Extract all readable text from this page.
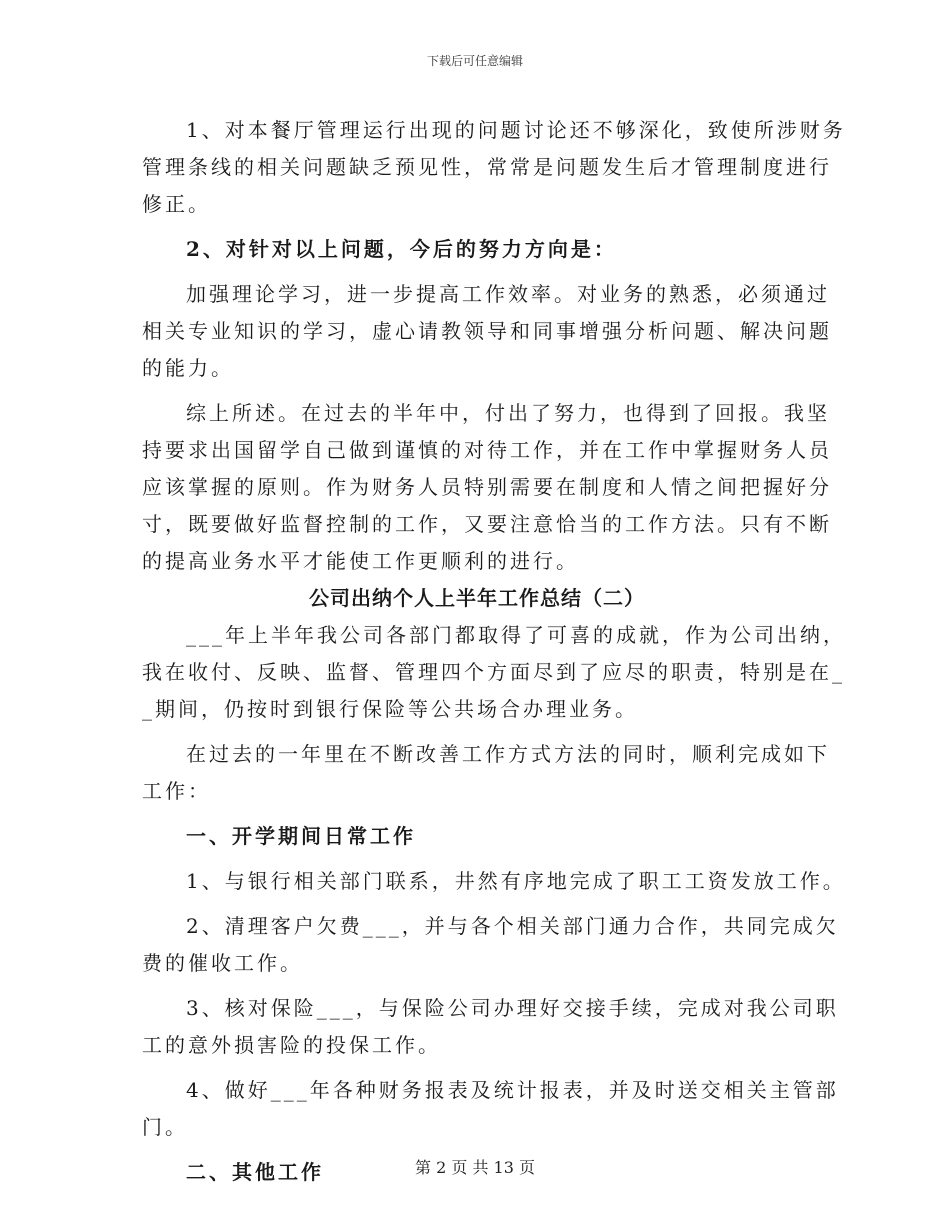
下载后可任意编辑
1、对本餐厅管理运行出现的问题讨论还不够深化，致使所涉财务
管理条线的相关问题缺乏预见性，常常是问题发生后才管理制度进行
修正。
2、对针对以上问题，今后的努力方向是：
加强理论学习，进一步提高工作效率。对业务的熟悉，必须通过
相关专业知识的学习，虚心请教领导和同事增强分析问题、解决问题
的能力。
综上所述。在过去的半年中，付出了努力，也得到了回报。我坚
持要求出国留学自己做到谨慎的对待工作，并在工作中掌握财务人员
应该掌握的原则。作为财务人员特别需要在制度和人情之间把握好分
寸，既要做好监督控制的工作，又要注意恰当的工作方法。只有不断
的提高业务水平才能使工作更顺利的进行。
公司出纳个人上半年工作总结（二）
___年上半年我公司各部门都取得了可喜的成就，作为公司出纳，
我在收付、反映、监督、管理四个方面尽到了应尽的职责，特别是在_
_期间，仍按时到银行保险等公共场合办理业务。
在过去的一年里在不断改善工作方式方法的同时，顺利完成如下
工作：
一、开学期间日常工作
1、与银行相关部门联系，井然有序地完成了职工工资发放工作。
2、清理客户欠费___，并与各个相关部门通力合作，共同完成欠
费的催收工作。
3、核对保险___，与保险公司办理好交接手续，完成对我公司职
工的意外损害险的投保工作。
4、做好___年各种财务报表及统计报表，并及时送交相关主管部
门。
二、其他工作	第 2 页 共 13 页
